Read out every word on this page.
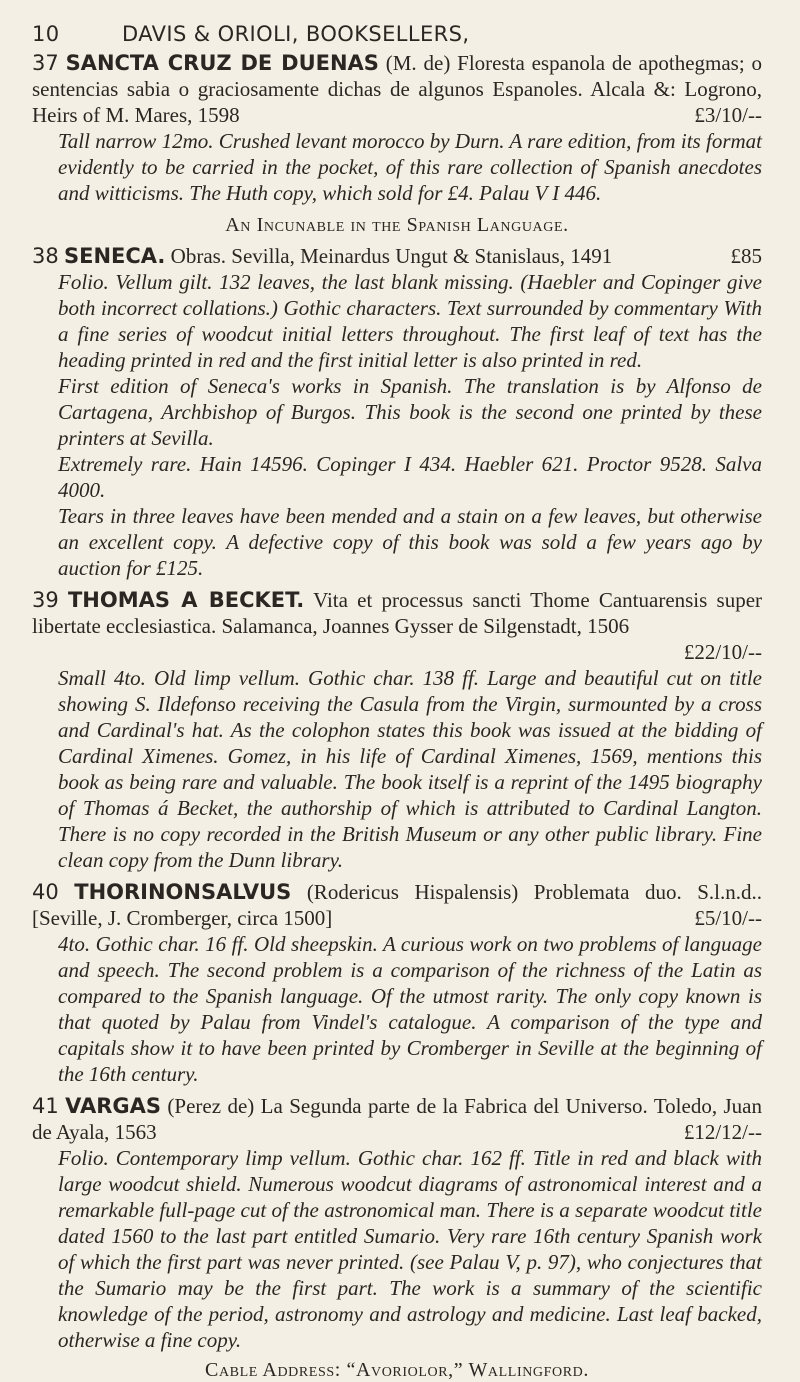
10	DAVIS & ORIOLI, BOOKSELLERS,
37 SANCTA CRUZ DE DUENAS (M. de) Floresta espanola de apothegmas; o sentencias sabia o graciosamente dichas de algunos Espanoles. Alcala &: Logrono, Heirs of M. Mares, 1598	£3/10/--
Tall narrow 12mo. Crushed levant morocco by Durn. A rare edition, from its format evidently to be carried in the pocket, of this rare collection of Spanish anecdotes and witticisms. The Huth copy, which sold for £4. Palau V I 446.
An Incunable in the Spanish Language.
38 SENECA. Obras. Sevilla, Meinardus Ungut & Stanislaus, 1491	£85
Folio. Vellum gilt. 132 leaves, the last blank missing. (Haebler and Copinger give both incorrect collations.) Gothic characters. Text surrounded by commentary With a fine series of woodcut initial letters throughout. The first leaf of text has the heading printed in red and the first initial letter is also printed in red.
First edition of Seneca's works in Spanish. The translation is by Alfonso de Cartagena, Archbishop of Burgos. This book is the second one printed by these printers at Sevilla.
Extremely rare. Hain 14596. Copinger I 434. Haebler 621. Proctor 9528. Salva 4000.
Tears in three leaves have been mended and a stain on a few leaves, but otherwise an excellent copy. A defective copy of this book was sold a few years ago by auction for £125.
39 THOMAS A BECKET. Vita et processus sancti Thome Cantuarensis super libertate ecclesiastica. Salamanca, Joannes Gysser de Silgenstadt, 1506
£22/10/--
Small 4to. Old limp vellum. Gothic char. 138 ff. Large and beautiful cut on title showing S. Ildefonso receiving the Casula from the Virgin, surmounted by a cross and Cardinal's hat. As the colophon states this book was issued at the bidding of Cardinal Ximenes. Gomez, in his life of Cardinal Ximenes, 1569, mentions this book as being rare and valuable. The book itself is a reprint of the 1495 biography of Thomas á Becket, the authorship of which is attributed to Cardinal Langton. There is no copy recorded in the British Museum or any other public library. Fine clean copy from the Dunn library.
40 THORINONSALVUS (Rodericus Hispalensis) Problemata duo. S.l.n.d.. [Seville, J. Cromberger, circa 1500]	£5/10/--
4to. Gothic char. 16 ff. Old sheepskin. A curious work on two problems of language and speech. The second problem is a comparison of the richness of the Latin as compared to the Spanish language. Of the utmost rarity. The only copy known is that quoted by Palau from Vindel's catalogue. A comparison of the type and capitals show it to have been printed by Cromberger in Seville at the beginning of the 16th century.
41 VARGAS (Perez de) La Segunda parte de la Fabrica del Universo. Toledo, Juan de Ayala, 1563	£12/12/--
Folio. Contemporary limp vellum. Gothic char. 162 ff. Title in red and black with large woodcut shield. Numerous woodcut diagrams of astronomical interest and a remarkable full-page cut of the astronomical man. There is a separate woodcut title dated 1560 to the last part entitled Sumario. Very rare 16th century Spanish work of which the first part was never printed. (see Palau V, p. 97), who conjectures that the Sumario may be the first part. The work is a summary of the scientific knowledge of the period, astronomy and astrology and medicine. Last leaf backed, otherwise a fine copy.
Cable Address: “Avoriolor,” Wallingford.
